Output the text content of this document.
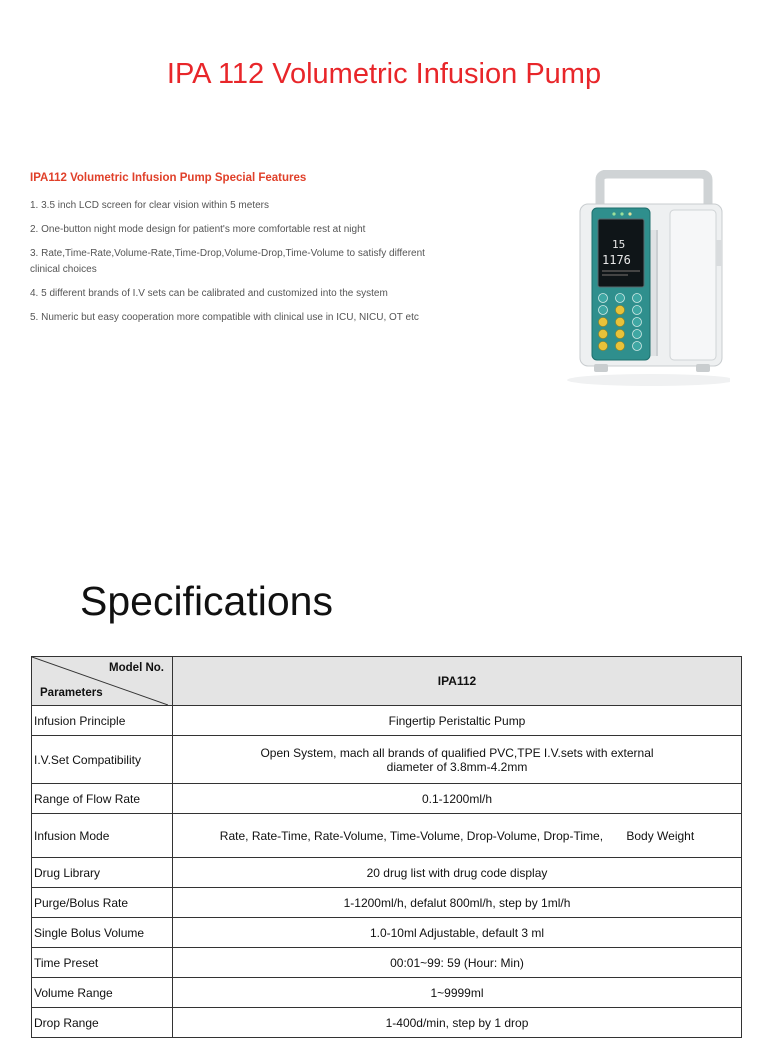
IPA 112 Volumetric Infusion Pump
IPA112 Volumetric Infusion Pump Special Features
1. 3.5 inch LCD screen for clear vision within 5 meters
2. One-button night mode design for patient's more comfortable rest at night
3. Rate,Time-Rate,Volume-Rate,Time-Drop,Volume-Drop,Time-Volume to satisfy different clinical choices
4. 5 different brands of I.V sets can be calibrated and customized into the system
5. Numeric but easy cooperation more compatible with clinical use in ICU, NICU, OT etc
15
1176
Specifications
Model No.
Parameters	IPA112
Infusion Principle	Fingertip Peristaltic Pump
I.V.Set Compatibility	Open System, mach all brands of qualified PVC,TPE I.V.sets with external diameter of 3.8mm-4.2mm
Range of Flow Rate	0.1-1200ml/h
Infusion Mode	Rate, Rate-Time, Rate-Volume, Time-Volume, Drop-Volume, Drop-Time,       Body Weight
Drug Library	20 drug list with drug code display
Purge/Bolus Rate	1-1200ml/h, defalut 800ml/h, step by 1ml/h
Single Bolus Volume	1.0-10ml Adjustable, default 3 ml
Time Preset	00:01~99: 59 (Hour: Min)
Volume Range	1~9999ml
Drop Range	1-400d/min, step by 1 drop
